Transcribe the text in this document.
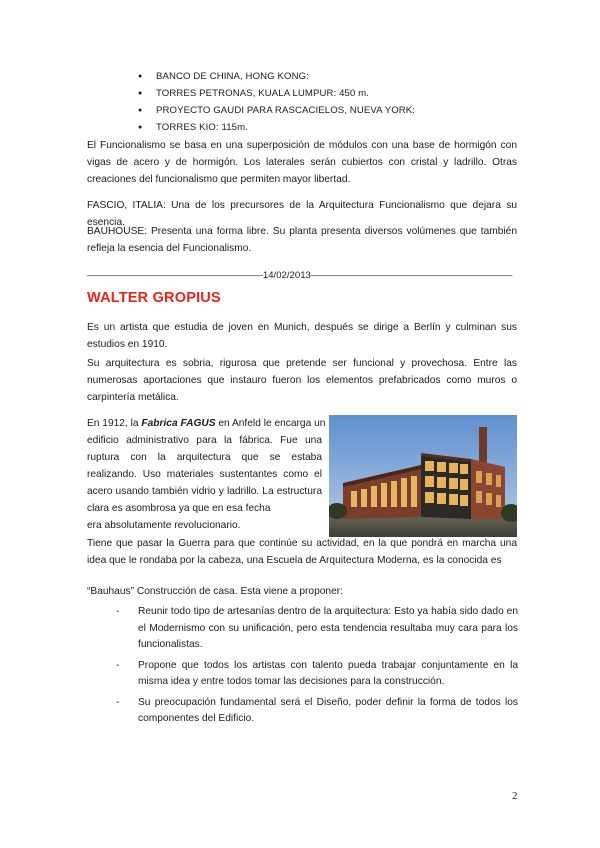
● BANCO DE CHINA, HONG KONG:
● TORRES PETRONAS, KUALA LUMPUR: 450 m.
● PROYECTO GAUDI PARA RASCACIELOS, NUEVA YORK:
● TORRES KIO: 115m.

El Funcionalismo se basa en una superposición de módulos con una base de hormigón con vigas de acero y de hormigón. Los laterales serán cubiertos con cristal y ladrillo. Otras creaciones del funcionalismo que permiten mayor libertad.

FASCIO, ITALIA: Una de los precursores de la Arquitectura Funcionalismo que dejara su esencia.

BAUHOUSE: Presenta una forma libre. Su planta presenta diversos volúmenes que también refleja la esencia del Funcionalismo.

——————————————————-14/02/2013—————————————————————
WALTER GROPIUS

Es un artista que estudia de joven en Munich, después se dirige a Berlín y culminan sus estudios en 1910.

Su arquitectura es sobria, rigurosa que pretende ser funcional y provechosa. Entre las numerosas aportaciones que instauro fueron los elementos prefabricados como muros o carpintería metálica.

En 1912, la Fabrica FAGUS en Anfeld le encarga un
edificio administrativo para la fábrica. Fue una
ruptura con la arquitectura que se estaba
realizando. Uso materiales sustentantes como el
acero usando también vidrio y ladrillo. La estructura
clara es asombrosa ya que en esa fecha
era absolutamente revolucionario.

Tiene que pasar la Guerra para que continúe su actividad, en la que pondrá en marcha una idea que le rondaba por la cabeza, una Escuela de Arquitectura Moderna, es la conocida es

“Bauhaus” Construcción de casa. Esta viene a proponer:

- Reunir todo tipo de artesanías dentro de la arquitectura: Esto ya había sido dado en el Modernismo con su unificación, pero esta tendencia resultaba muy cara para los funcionalistas.
- Propone que todos los artistas con talento pueda trabajar conjuntamente en la misma idea y entre todos tomar las decisiones para la construcción.
- Su preocupación fundamental será el Diseño, poder definir la forma de todos los componentes del Edificio.
2
